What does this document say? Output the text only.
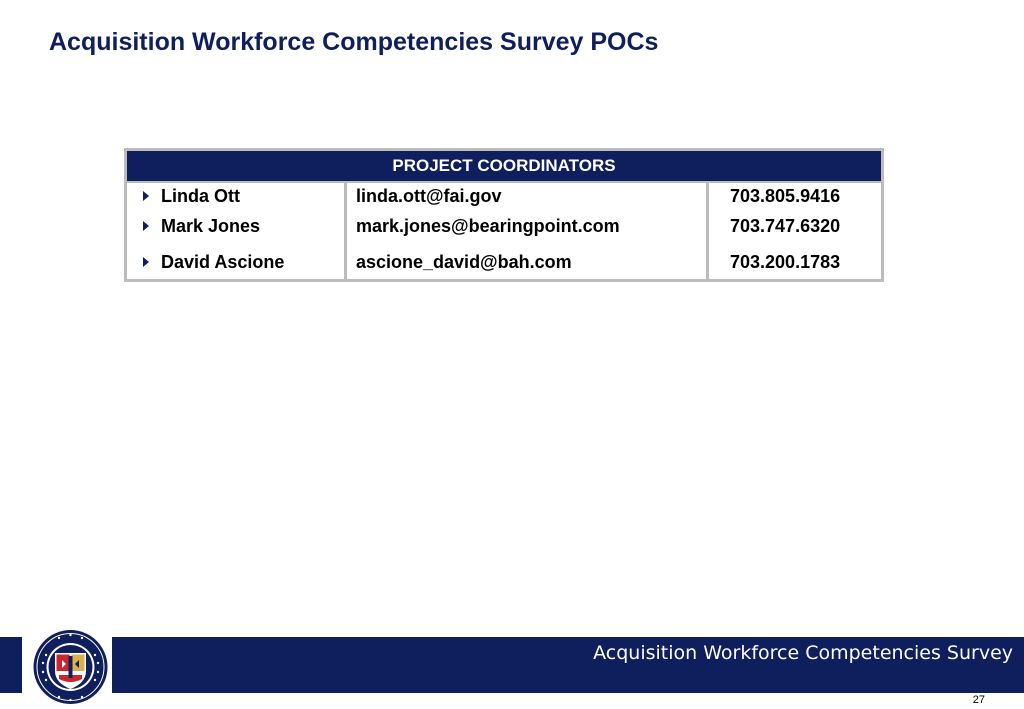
Acquisition Workforce Competencies Survey POCs
PROJECT COORDINATORS
Linda Ott
Mark Jones
David Ascione
linda.ott@fai.gov
mark.jones@bearingpoint.com
ascione_david@bah.com
703.805.9416
703.747.6320
703.200.1783
Acquisition Workforce Competencies Survey
27
